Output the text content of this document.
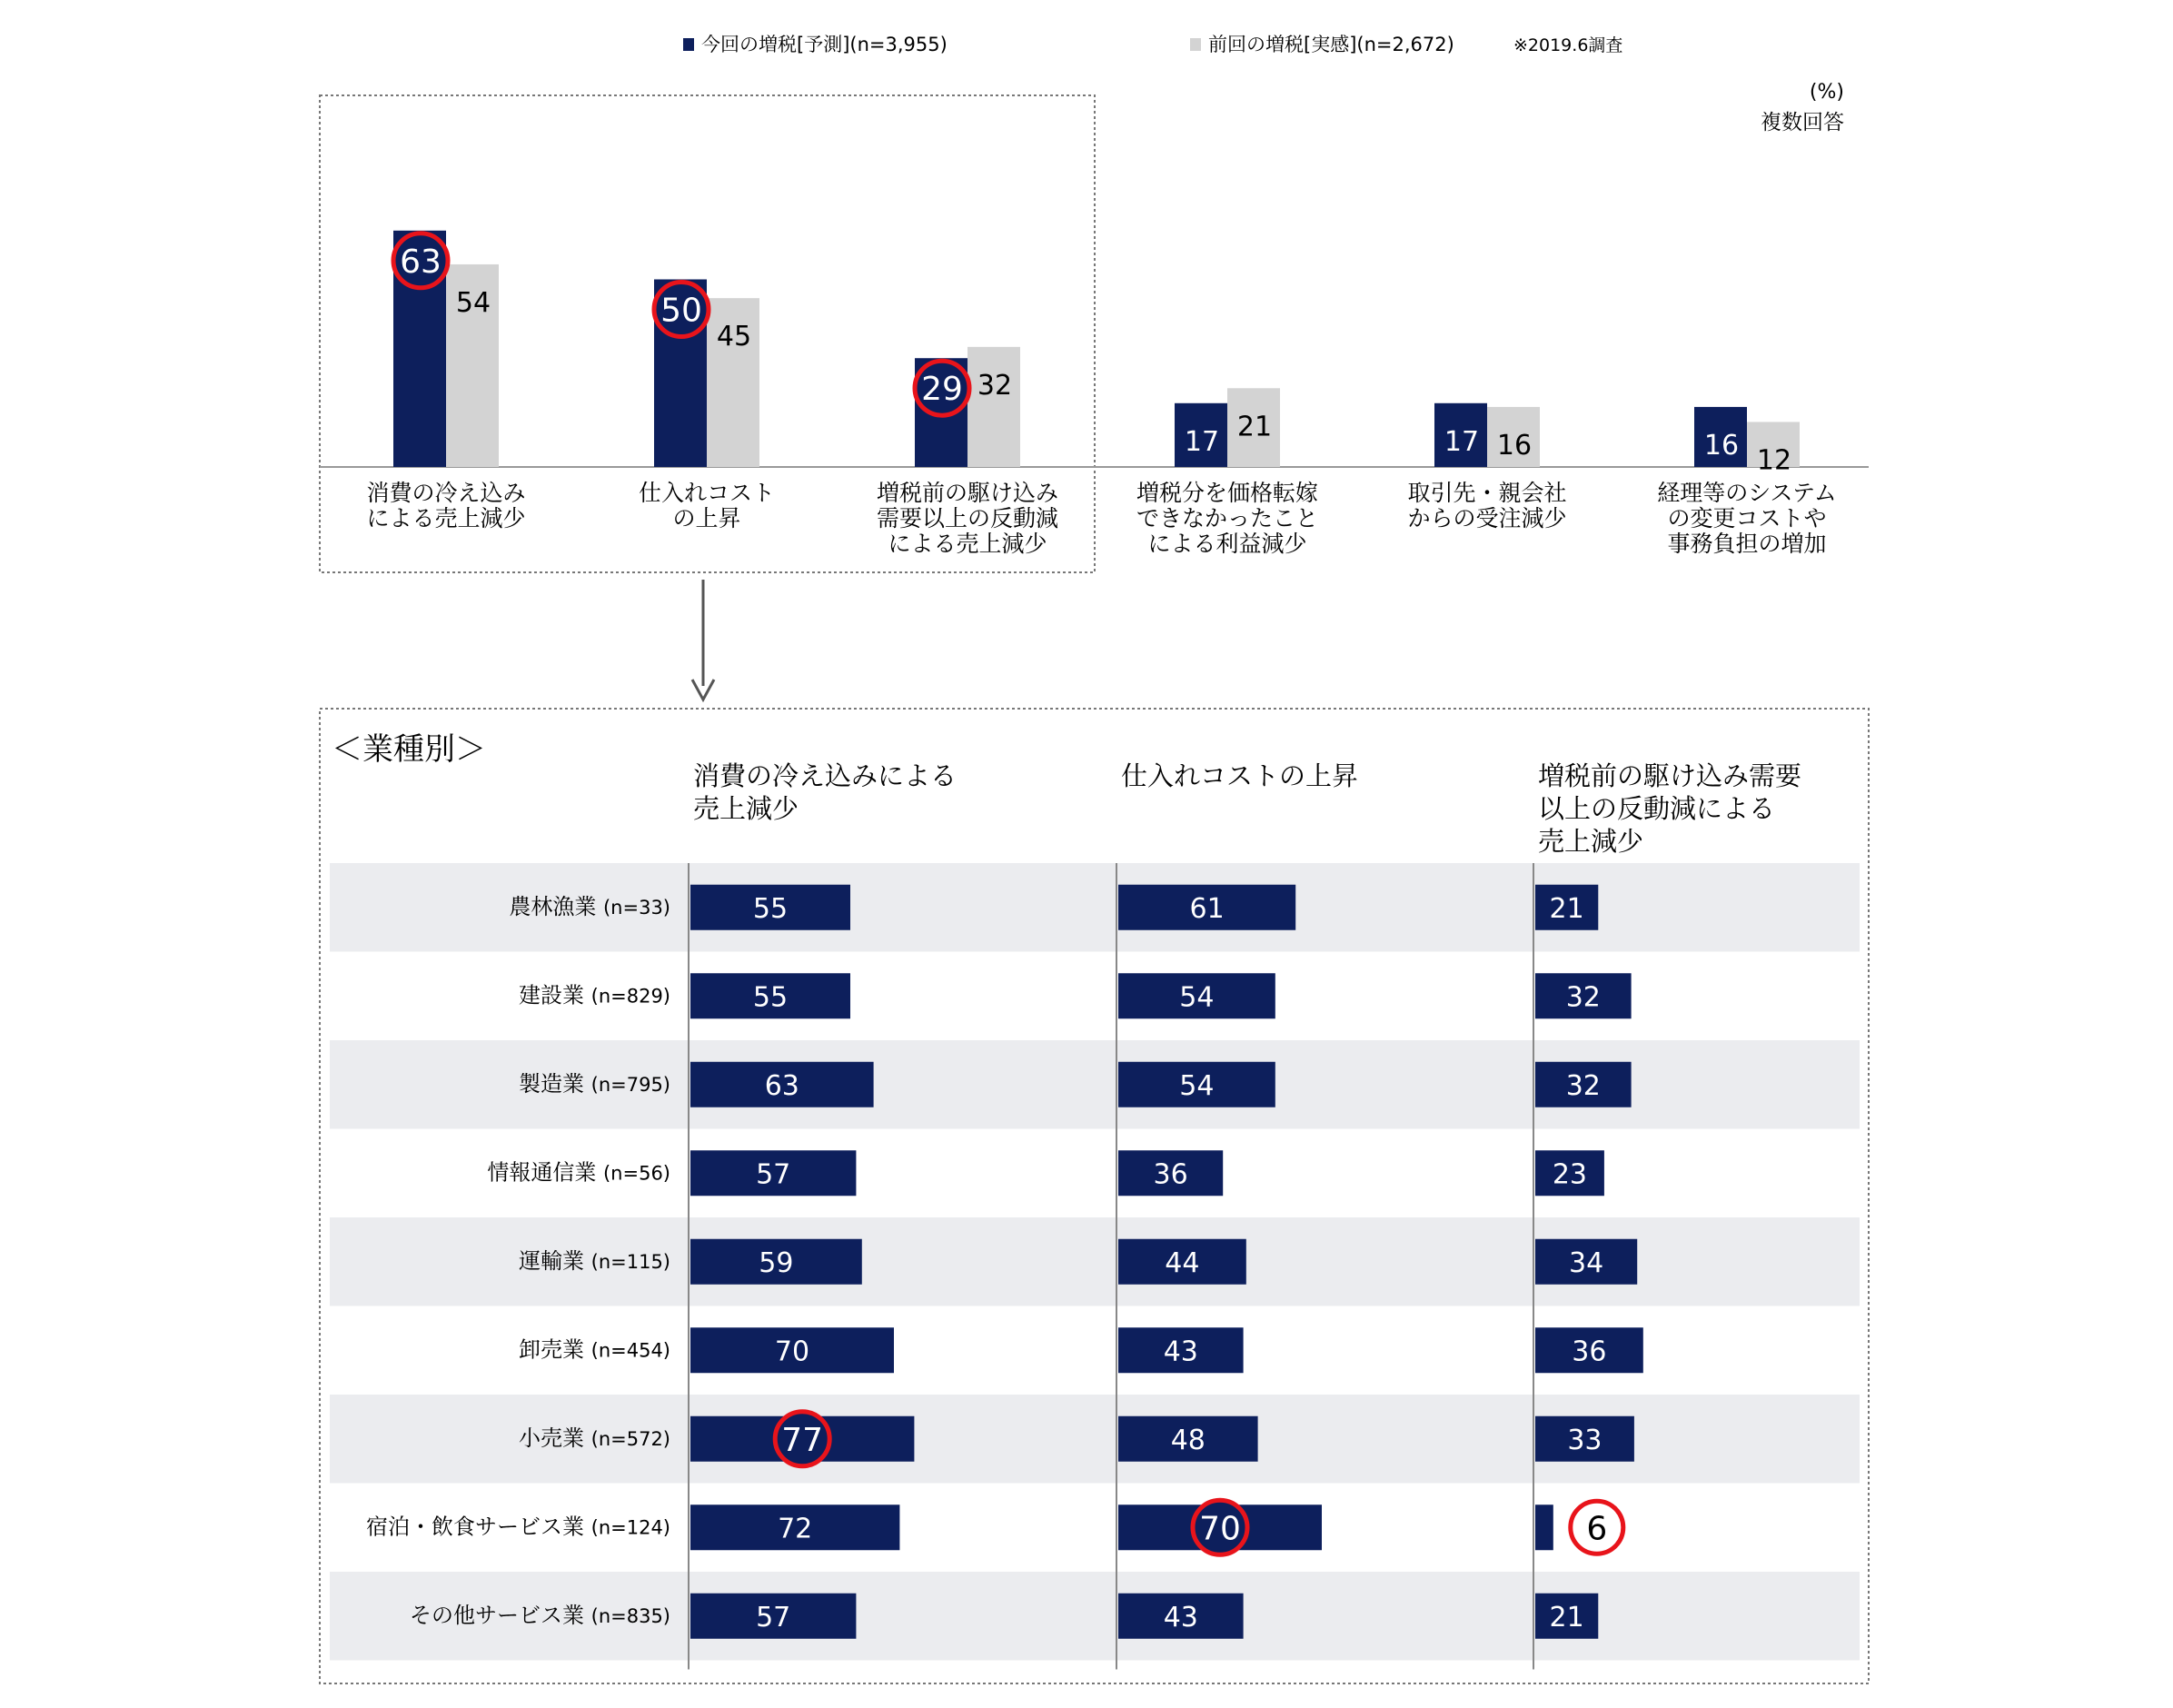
今回の増税[予測](n=3,955)	前回の増税[実感](n=2,672)	※2019.6調査
(%)
複数回答
63
54
消費の冷え込み
による売上減少
50
45
仕入れコスト
の上昇
29 32
増税前の駆け込み
需要以上の反動減
による売上減少
17 21
増税分を価格転嫁
できなかったこと
による利益減少
17 16
取引先・親会社
からの受注減少
16 12
経理等のシステム
の変更コストや
事務負担の増加
＜業種別＞
消費の冷え込みによる
売上減少
仕入れコストの上昇	増税前の駆け込み需要
以上の反動減による
売上減少
農林漁業 (n=33)	55	61	21
建設業 (n=829)	55	54	32
製造業 (n=795)	63	54	32
情報通信業 (n=56)	57	36	23
運輸業 (n=115)	59	44	34
卸売業 (n=454)	70	43	36
小売業 (n=572)	77	48	33
宿泊・飲食サービス業 (n=124)	72	70	6
その他サービス業 (n=835)	57	43	21
